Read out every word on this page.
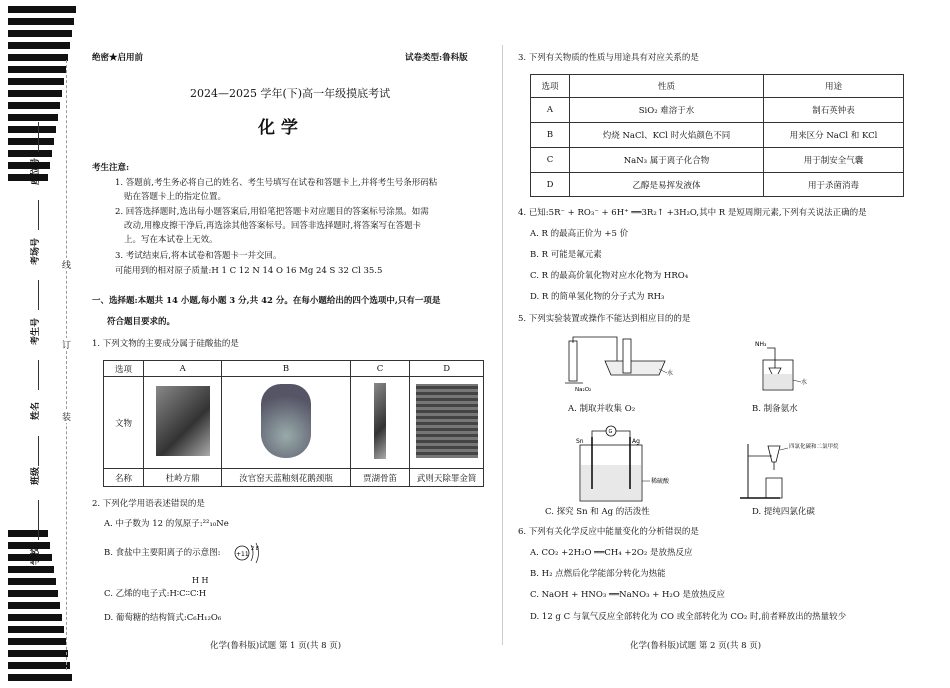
线
订
装
座位号
考场号
考生号
姓名
班级
学校
绝密★启用前	试卷类型:鲁科版
2024—2025 学年(下)高一年级摸底考试
化 学
考生注意:
1. 答题前,考生务必将自己的姓名、考生号填写在试卷和答题卡上,并将考生号条形码粘
贴在答题卡上的指定位置。
2. 回答选择题时,选出每小题答案后,用铅笔把答题卡对应题目的答案标号涂黑。如需
改动,用橡皮擦干净后,再选涂其他答案标号。回答非选择题时,将答案写在答题卡
上。写在本试卷上无效。
3. 考试结束后,将本试卷和答题卡一并交回。
可能用到的相对原子质量:H 1 C 12 N 14 O 16 Mg 24 S 32 Cl 35.5
一、选择题:本题共 14 小题,每小题 3 分,共 42 分。在每小题给出的四个选项中,只有一项是
符合题目要求的。
1. 下列文物的主要成分属于硅酸盐的是
选项	A	B	C	D
文物				
名称	杜岭方鼎	汝官窑天蓝釉刻花鹅颈瓶	贾湖骨笛	武则天除罪金简
2. 下列化学用语表述错误的是
A. 中子数为 12 的氖原子:²²₁₀Ne
B. 食盐中主要阳离子的示意图:	+11
2 8
H H
C. 乙烯的电子式:H∶C∶∶C∶H
D. 葡萄糖的结构简式:C₆H₁₂O₆
化学(鲁科版)试题 第 1 页(共 8 页)
3. 下列有关物质的性质与用途具有对应关系的是
选项	性质	用途
A	SiO₂ 难溶于水	制石英钟表
B	灼烧 NaCl、KCl 时火焰颜色不同	用来区分 NaCl 和 KCl
C	NaN₃ 属于离子化合物	用于制安全气囊
D	乙醇是易挥发液体	用于杀菌消毒
4. 已知:5R⁻ + RO₃⁻ + 6H⁺ ══3R₂↑ +3H₂O,其中 R 是短周期元素,下列有关说法正确的是
A. R 的最高正价为 +5 价
B. R 可能是氟元素
C. R 的最高价氧化物对应水化物为 HRO₄
D. R 的简单氢化物的分子式为 RH₃
5. 下列实验装置或操作不能达到相应目的的是
Na₂O₂
水
A. 制取并收集 O₂
NH₃
水
B. 制备氨水
G
Sn	Ag
稀硫酸
C. 探究 Sn 和 Ag 的活泼性
四氯化碳和二氯甲烷
D. 提纯四氯化碳
6. 下列有关化学反应中能量变化的分析错误的是
A. CO₂ +2H₂O ══CH₄ +2O₂ 是放热反应
B. H₂ 点燃后化学能部分转化为热能
C. NaOH + HNO₃ ══NaNO₃ + H₂O 是放热反应
D. 12 g C 与氧气反应全部转化为 CO 或全部转化为 CO₂ 时,前者释放出的热量较少
化学(鲁科版)试题 第 2 页(共 8 页)
